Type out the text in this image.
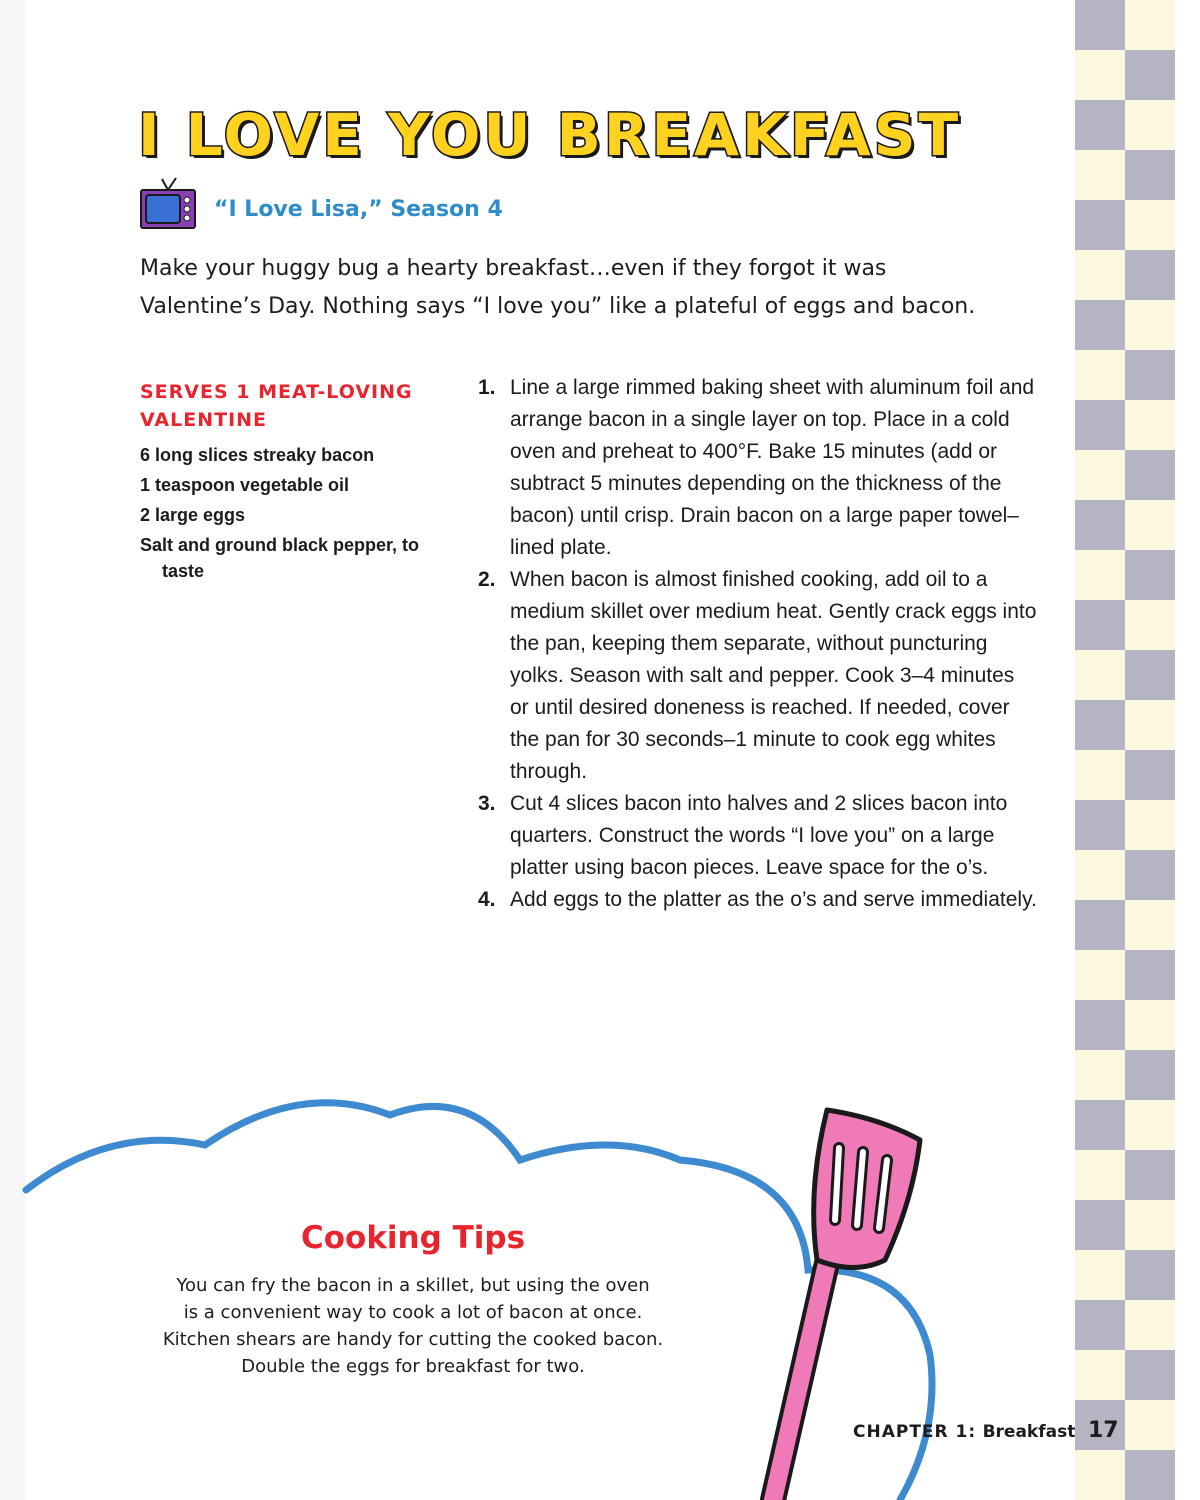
I LOVE YOU BREAKFAST
“I Love Lisa,” Season 4

Make your huggy bug a hearty breakfast…even if they forgot it was
Valentine’s Day. Nothing says “I love you” like a plateful of eggs and bacon.

SERVES 1 MEAT-LOVING VALENTINE

6 long slices streaky bacon
1 teaspoon vegetable oil
2 large eggs
Salt and ground black pepper, to taste
1. Line a large rimmed baking sheet with aluminum foil and arrange bacon in a single layer on top. Place in a cold oven and preheat to 400°F. Bake 15 minutes (add or subtract 5 minutes depending on the thickness of the bacon) until crisp. Drain bacon on a large paper towel–lined plate.
2. When bacon is almost finished cooking, add oil to a medium skillet over medium heat. Gently crack eggs into the pan, keeping them separate, without puncturing yolks. Season with salt and pepper. Cook 3–4 minutes or until desired doneness is reached. If needed, cover the pan for 30 seconds–1 minute to cook egg whites through.
3. Cut 4 slices bacon into halves and 2 slices bacon into quarters. Construct the words “I love you” on a large platter using bacon pieces. Leave space for the o’s.
4. Add eggs to the platter as the o’s and serve immediately.
Cooking Tips
You can fry the bacon in a skillet, but using the oven
is a convenient way to cook a lot of bacon at once.
Kitchen shears are handy for cutting the cooked bacon.
Double the eggs for breakfast for two.
CHAPTER 1: Breakfast 17
